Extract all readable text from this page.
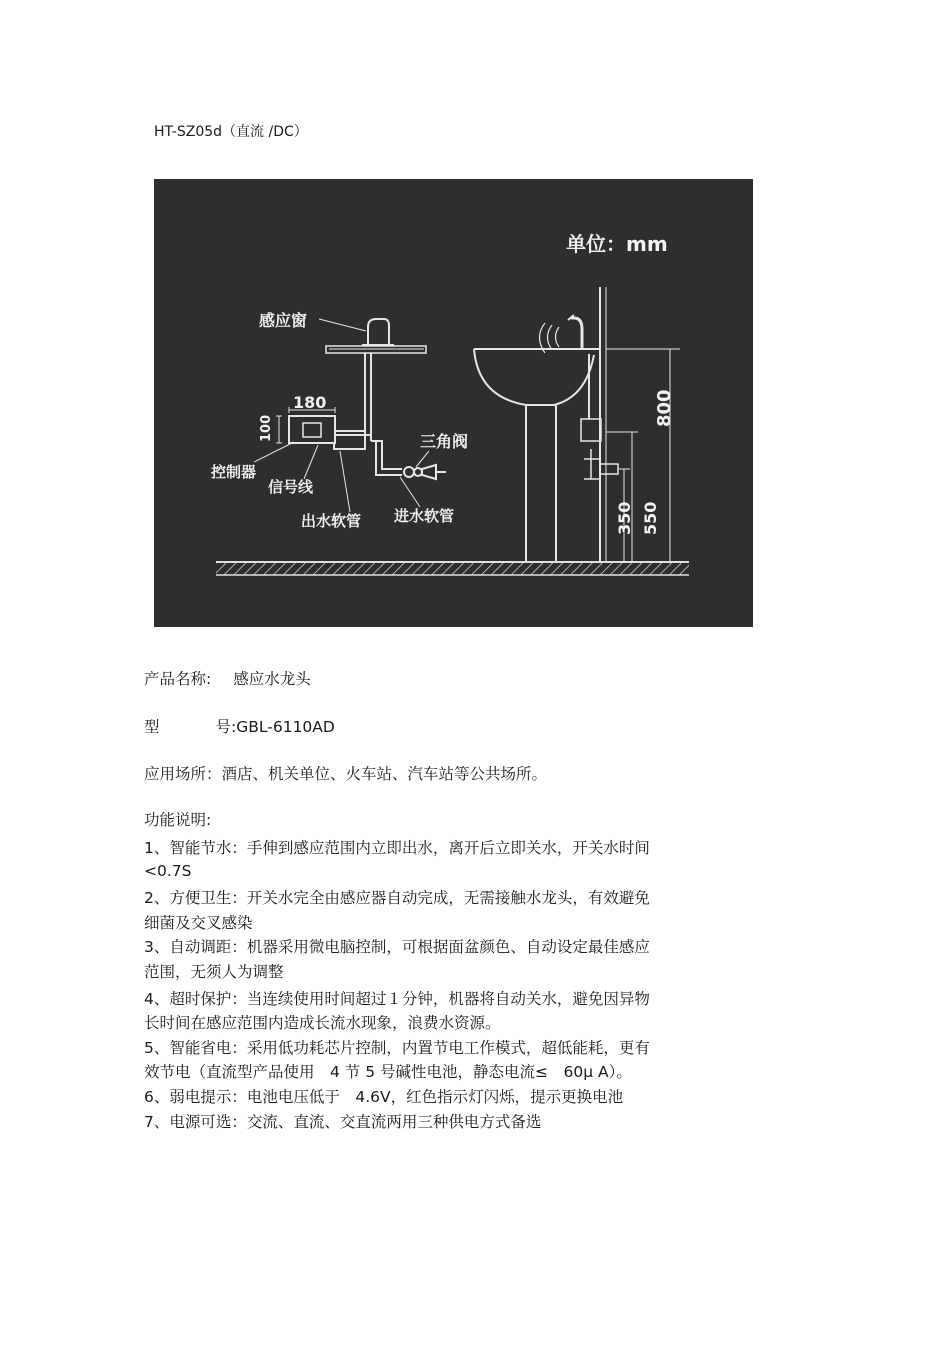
HT-SZ05d（直流 /DC）
单位：mm
感应窗
180
100	三角阀
控制器
信号线
出水软管 进水软管
800
350 550
产品名称: 感应水龙头
型	号:GBL-6110AD
应用场所：酒店、机关单位、火车站、汽车站等公共场所。
功能说明:
1、智能节水：手伸到感应范围内立即出水，离开后立即关水，开关水时间
<0.7S
2、方便卫生：开关水完全由感应器自动完成，无需接触水龙头，有效避免
细菌及交叉感染
3、自动调距：机器采用微电脑控制，可根据面盆颜色、自动设定最佳感应
范围，无须人为调整
4、超时保护：当连续使用时间超过１分钟，机器将自动关水，避免因异物
长时间在感应范围内造成长流水现象，浪费水资源。
5、智能省电：采用低功耗芯片控制，内置节电工作模式，超低能耗，更有
效节电（直流型产品使用　4 节 5 号碱性电池，静态电流≤　60μ A）。
6、弱电提示：电池电压低于　4.6V，红色指示灯闪烁，提示更换电池
7、电源可选：交流、直流、交直流两用三种供电方式备选
